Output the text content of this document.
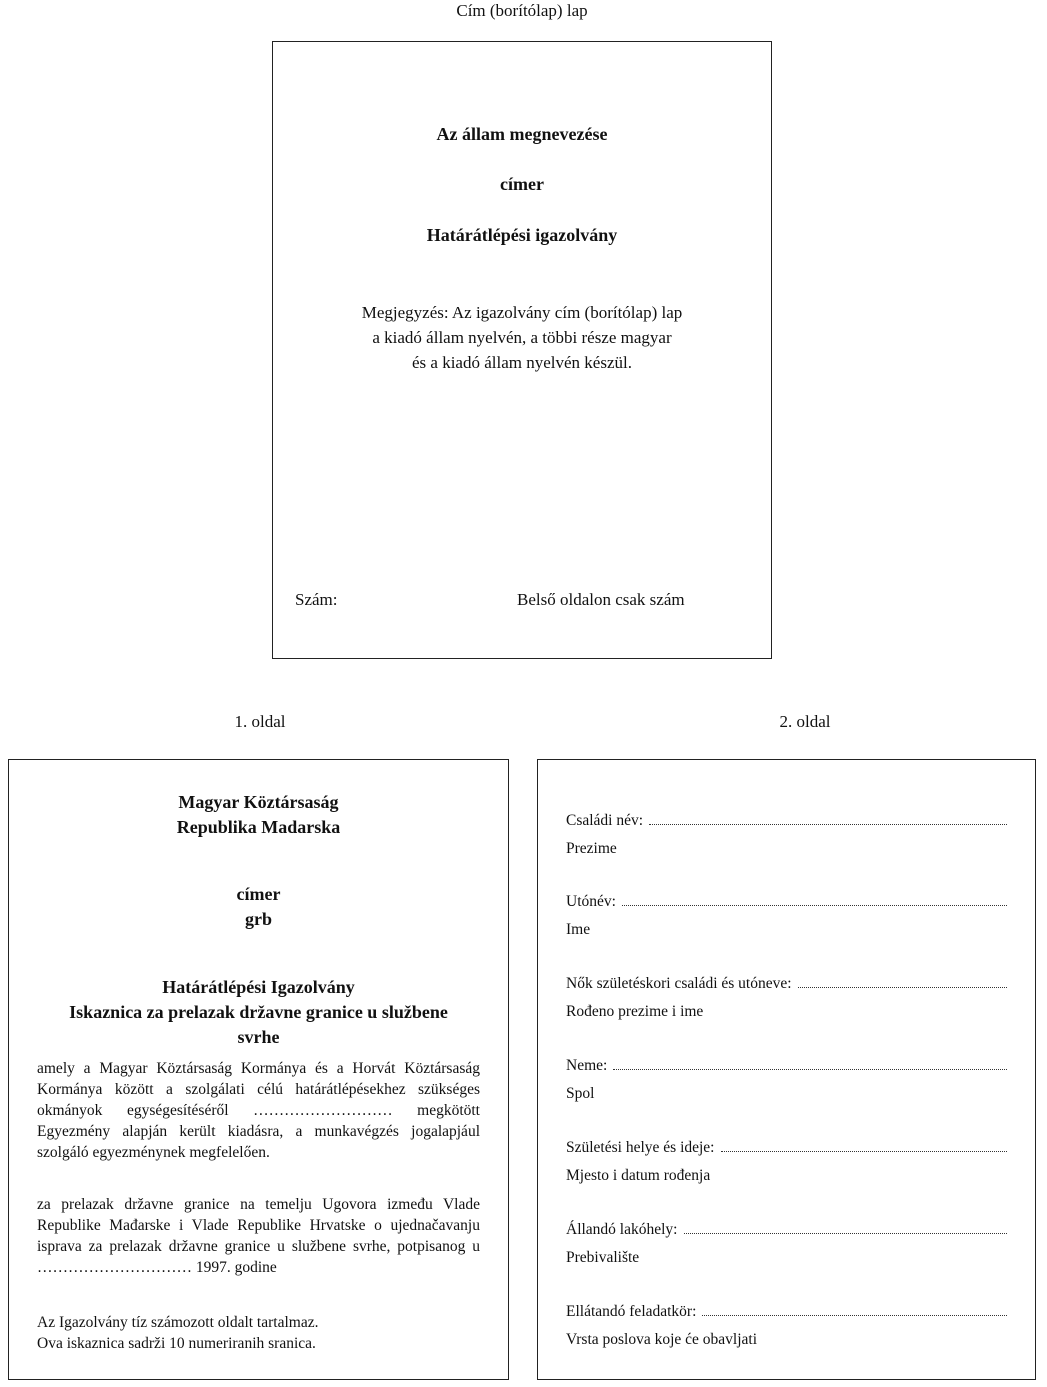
Cím (borítólap) lap
Az állam megnevezése
címer
Határátlépési igazolvány
Megjegyzés: Az igazolvány cím (borítólap) lap
a kiadó állam nyelvén, a többi része magyar
és a kiadó állam nyelvén készül.
Szám:	Belső oldalon csak szám
1. oldal
Magyar Köztársaság
Republika Madarska
címer
grb
Határátlépési Igazolvány
Iskaznica za prelazak državne granice u službene
svrhe
amely a Magyar Köztársaság Kormánya és a Horvát Köztársaság Kormánya között a szolgálati célú határátlépésekhez szükséges okmányok egységesítéséről ……………………… megkötött Egyezmény alapján került kiadásra, a munkavégzés jogalapjául szolgáló egyezménynek megfelelően.
za prelazak državne granice na temelju Ugovora između Vlade Republike Mađarske i Vlade Republike Hrvatske o ujednačavanju isprava za prelazak državne granice u službene svrhe, potpisanog u ………………………… 1997. godine
Az Igazolvány tíz számozott oldalt tartalmaz.
Ova iskaznica sadrži 10 numeriranih sranica.
2. oldal
Családi név:
Prezime
Utónév:
Ime
Nők születéskori családi és utóneve:
Rođeno prezime i ime
Neme:
Spol
Születési helye és ideje:
Mjesto i datum rođenja
Állandó lakóhely:
Prebivalište
Ellátandó feladatkör:
Vrsta poslova koje će obavljati
